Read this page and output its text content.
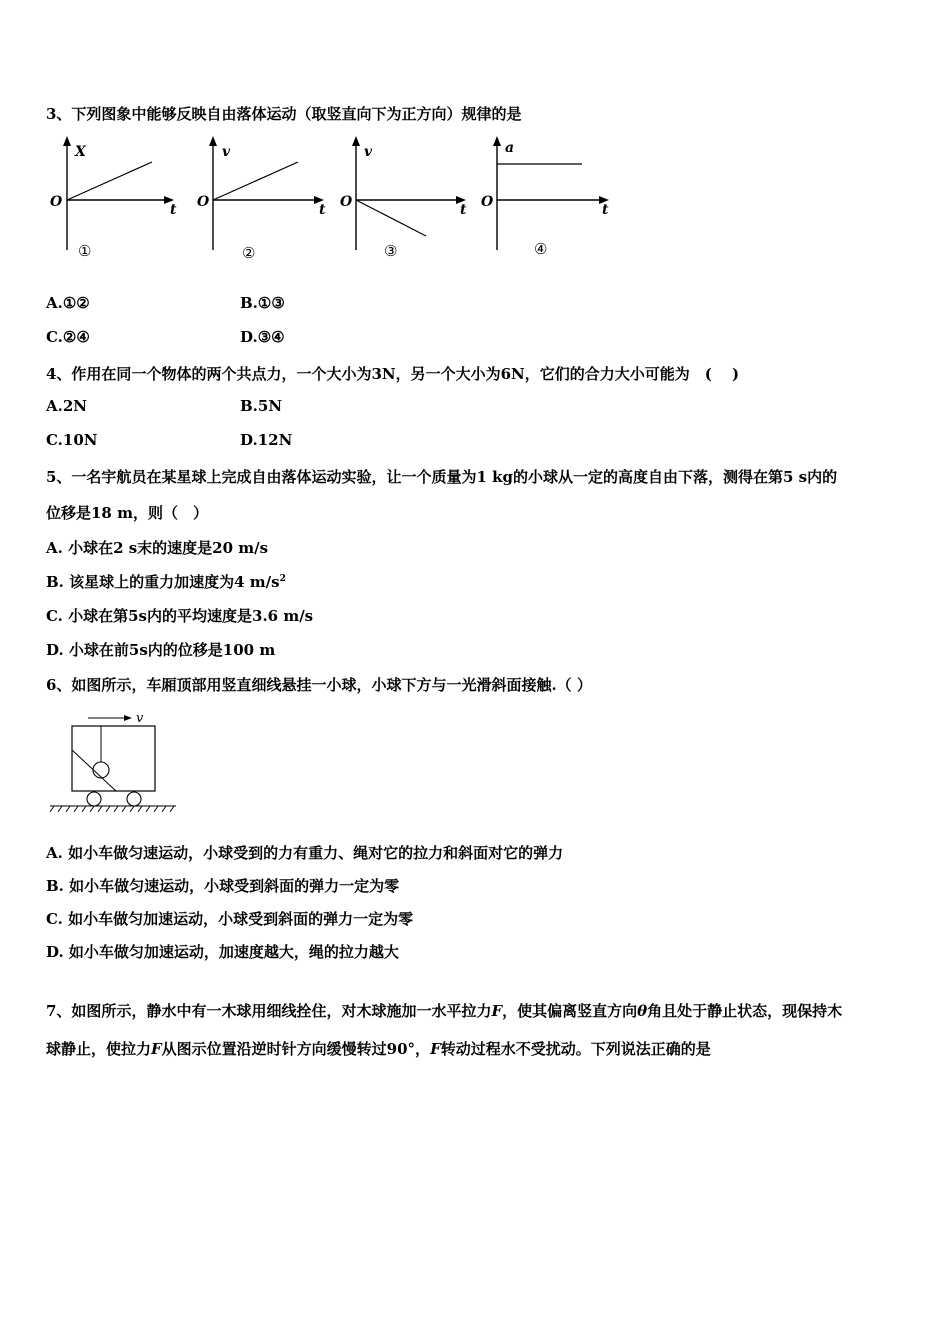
3、下列图象中能够反映自由落体运动（取竖直向下为正方向）规律的是
X
O	t
①
v
O	t
②
v
O	t
③
a
O	t
④
A.①②	B.①③
C.②④	D.③④
4、作用在同一个物体的两个共点力，一个大小为3N，另一个大小为6N，它们的合力大小可能为　(　 )
A.2N	B.5N
C.10N	D.12N
5、一名宇航员在某星球上完成自由落体运动实验，让一个质量为1 kg的小球从一定的高度自由下落，测得在第5 s内的
位移是18 m，则（　）
A. 小球在2 s末的速度是20 m/s
B. 该星球上的重力加速度为4 $m/s^2$
C. 小球在第5s内的平均速度是3.6 m/s
D. 小球在前5s内的位移是100 m
6、如图所示，车厢顶部用竖直细线悬挂一小球，小球下方与一光滑斜面接触.（ ）
v
A. 如小车做匀速运动，小球受到的力有重力、绳对它的拉力和斜面对它的弹力
B. 如小车做匀速运动，小球受到斜面的弹力一定为零
C. 如小车做匀加速运动，小球受到斜面的弹力一定为零
D. 如小车做匀加速运动，加速度越大，绳的拉力越大
7、如图所示，静水中有一木球用细线拴住，对木球施加一水平拉力F，使其偏离竖直方向θ角且处于静止状态，现保持木
球静止，使拉力F从图示位置沿逆时针方向缓慢转过90°，F转动过程水不受扰动。下列说法正确的是
